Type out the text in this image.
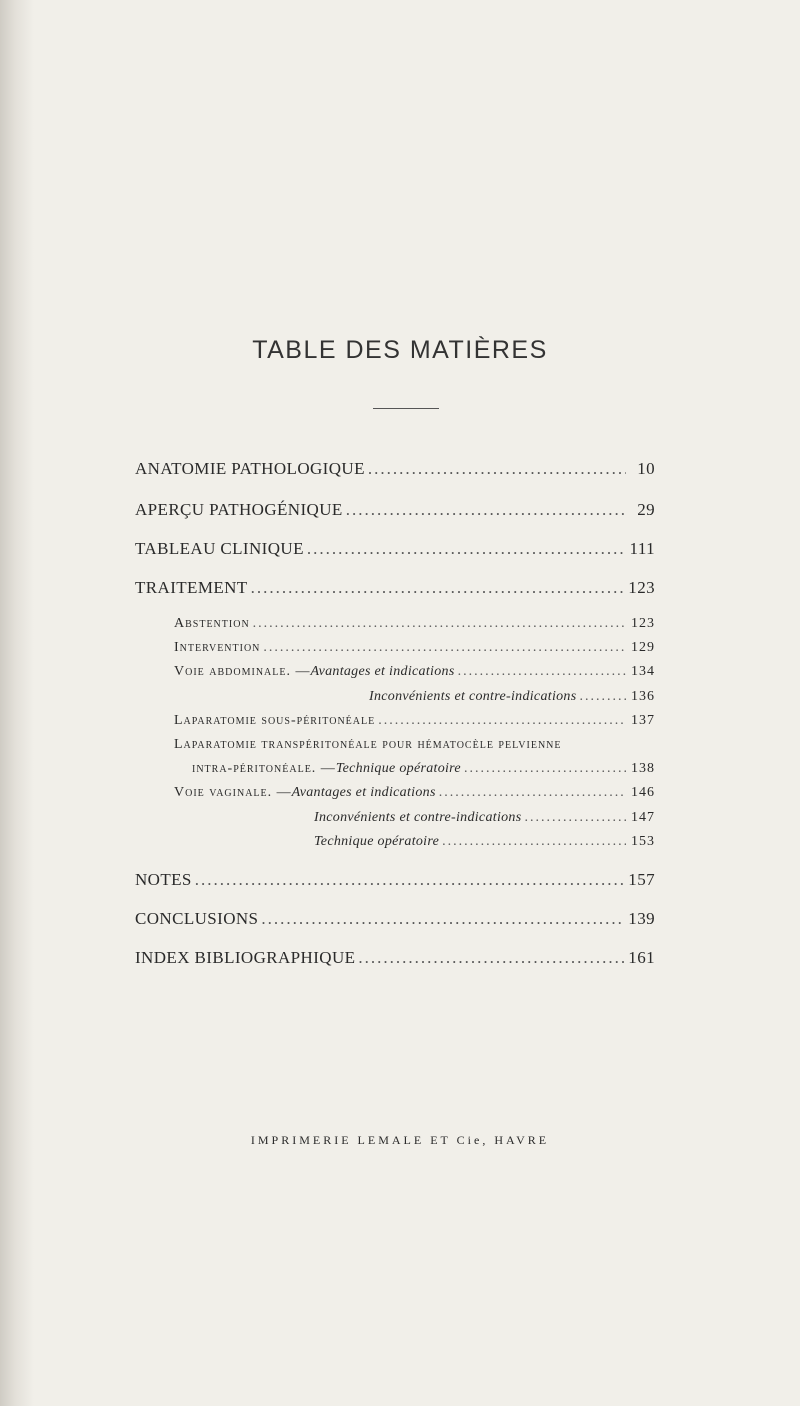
TABLE DES MATIÈRES
ANATOMIE PATHOLOGIQUE .....	10
APERÇU PATHOGÉNIQUE .....	29
TABLEAU CLINIQUE .....	111
TRAITEMENT .....	123
Abstention .....	123
Intervention .....	129
Voie abdominale. — Avantages et indications .....	134
Inconvénients et contre-indications .....	136
Laparatomie sous-péritonéale .....	137
Laparatomie transpéritonéale pour hématocèle pelvienne
intra-péritonéale. — Technique opératoire .....	138
Voie vaginale. — Avantages et indications .....	146
Inconvénients et contre-indications .....	147
Technique opératoire .....	153
NOTES .....	157
CONCLUSIONS .....	139
INDEX BIBLIOGRAPHIQUE .....	161
IMPRIMERIE LEMALE ET Cie, HAVRE
